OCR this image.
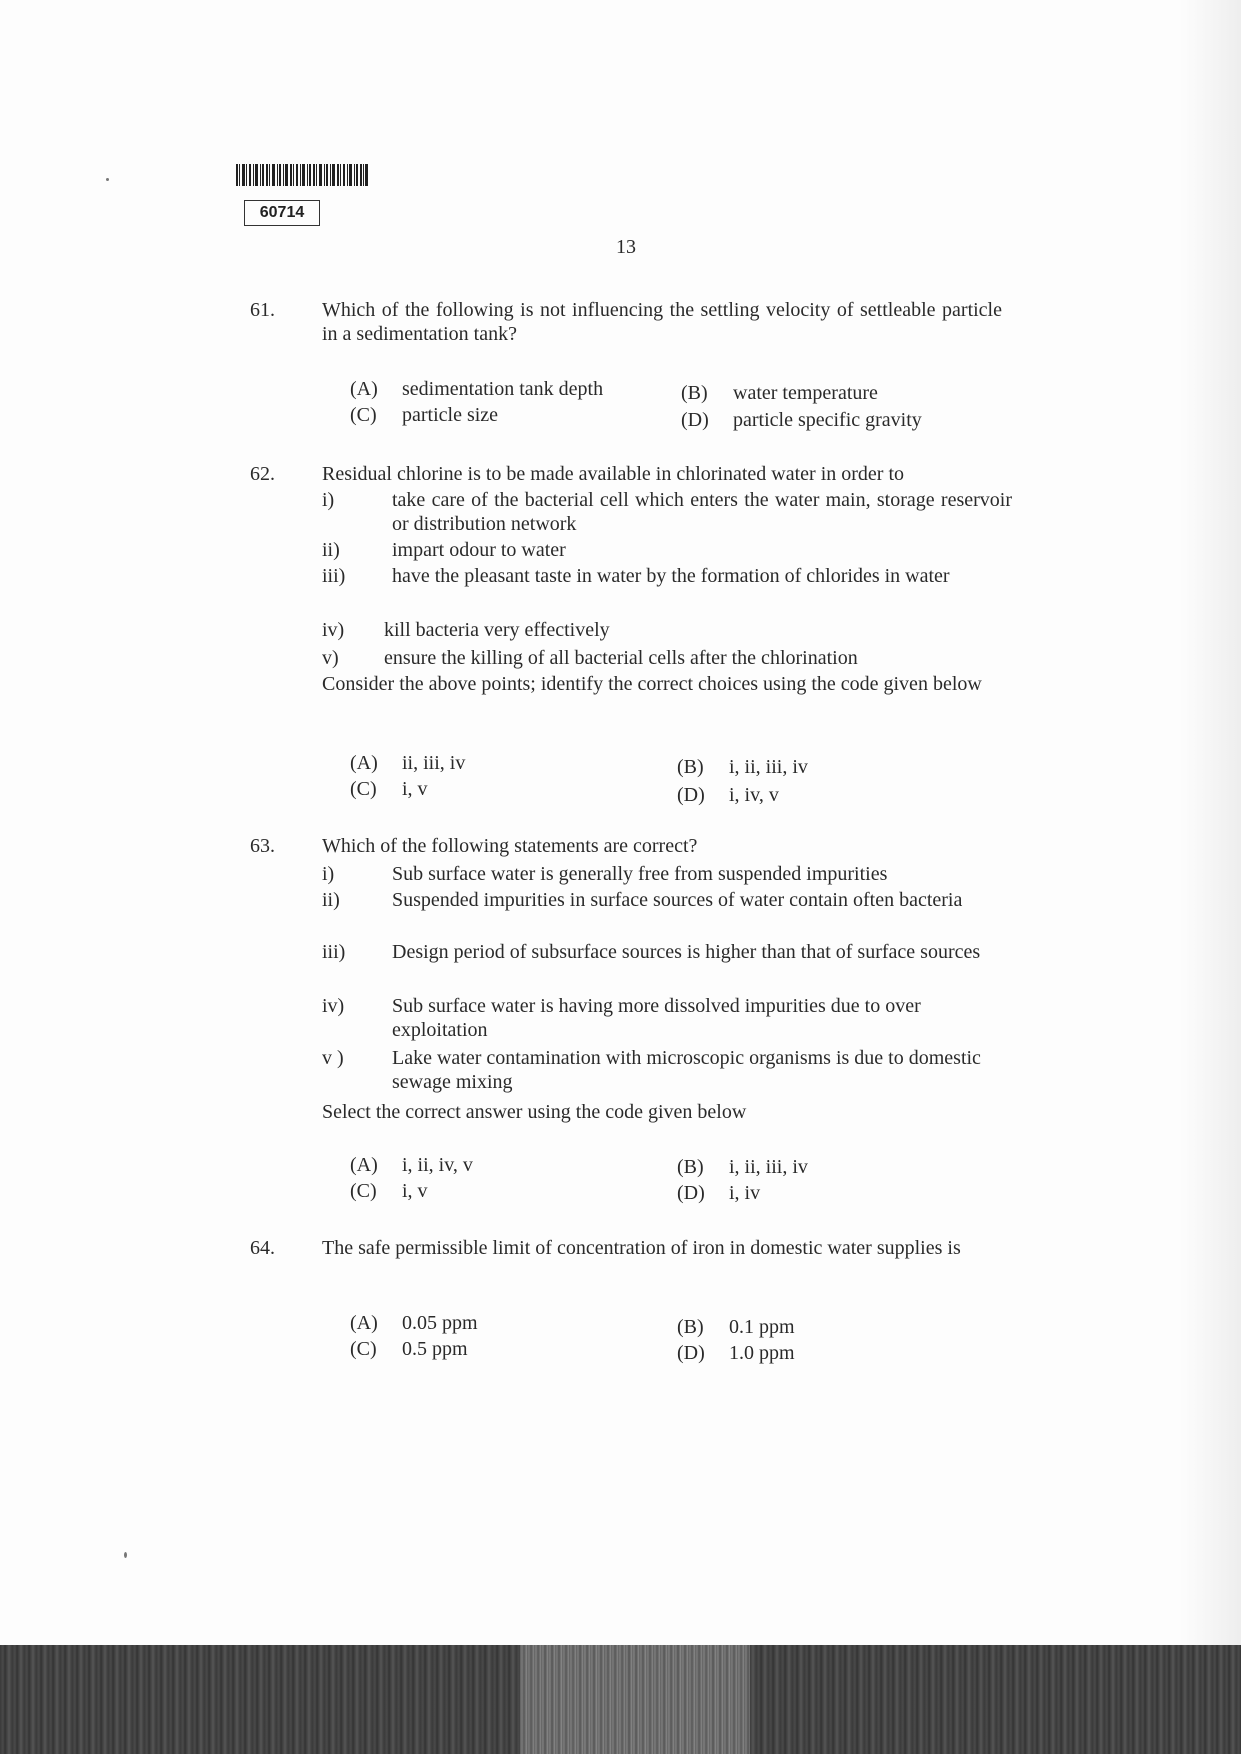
60714
13
61. Which of the following is not influencing the settling velocity of settleable particle in a sedimentation tank?
(A) sedimentation tank depth	(B) water temperature
(C) particle size	(D) particle specific gravity
62. Residual chlorine is to be made available in chlorinated water in order to
i)	take care of the bacterial cell which enters the water main, storage reservoir or distribution network
ii)	impart odour to water
iii) have the pleasant taste in water by the formation of chlorides in water
iv) kill bacteria very effectively
v) ensure the killing of all bacterial cells after the chlorination
Consider the above points; identify the correct choices using the code given below
(A) ii, iii, iv	(B) i, ii, iii, iv
(C) i, v	(D) i, iv, v
63. Which of the following statements are correct?
i)	Sub surface water is generally free from suspended impurities
ii)	Suspended impurities in surface sources of water contain often bacteria
iii) Design period of subsurface sources is higher than that of surface sources
iv) Sub surface water is having more dissolved impurities due to over exploitation
v ) Lake water contamination with microscopic organisms is due to domestic sewage mixing
Select the correct answer using the code given below
(A) i, ii, iv, v	(B) i, ii, iii, iv
(C) i, v	(D) i, iv
64. The safe permissible limit of concentration of iron in domestic water supplies is
(A) 0.05 ppm	(B) 0.1 ppm
(C) 0.5 ppm	(D) 1.0 ppm
